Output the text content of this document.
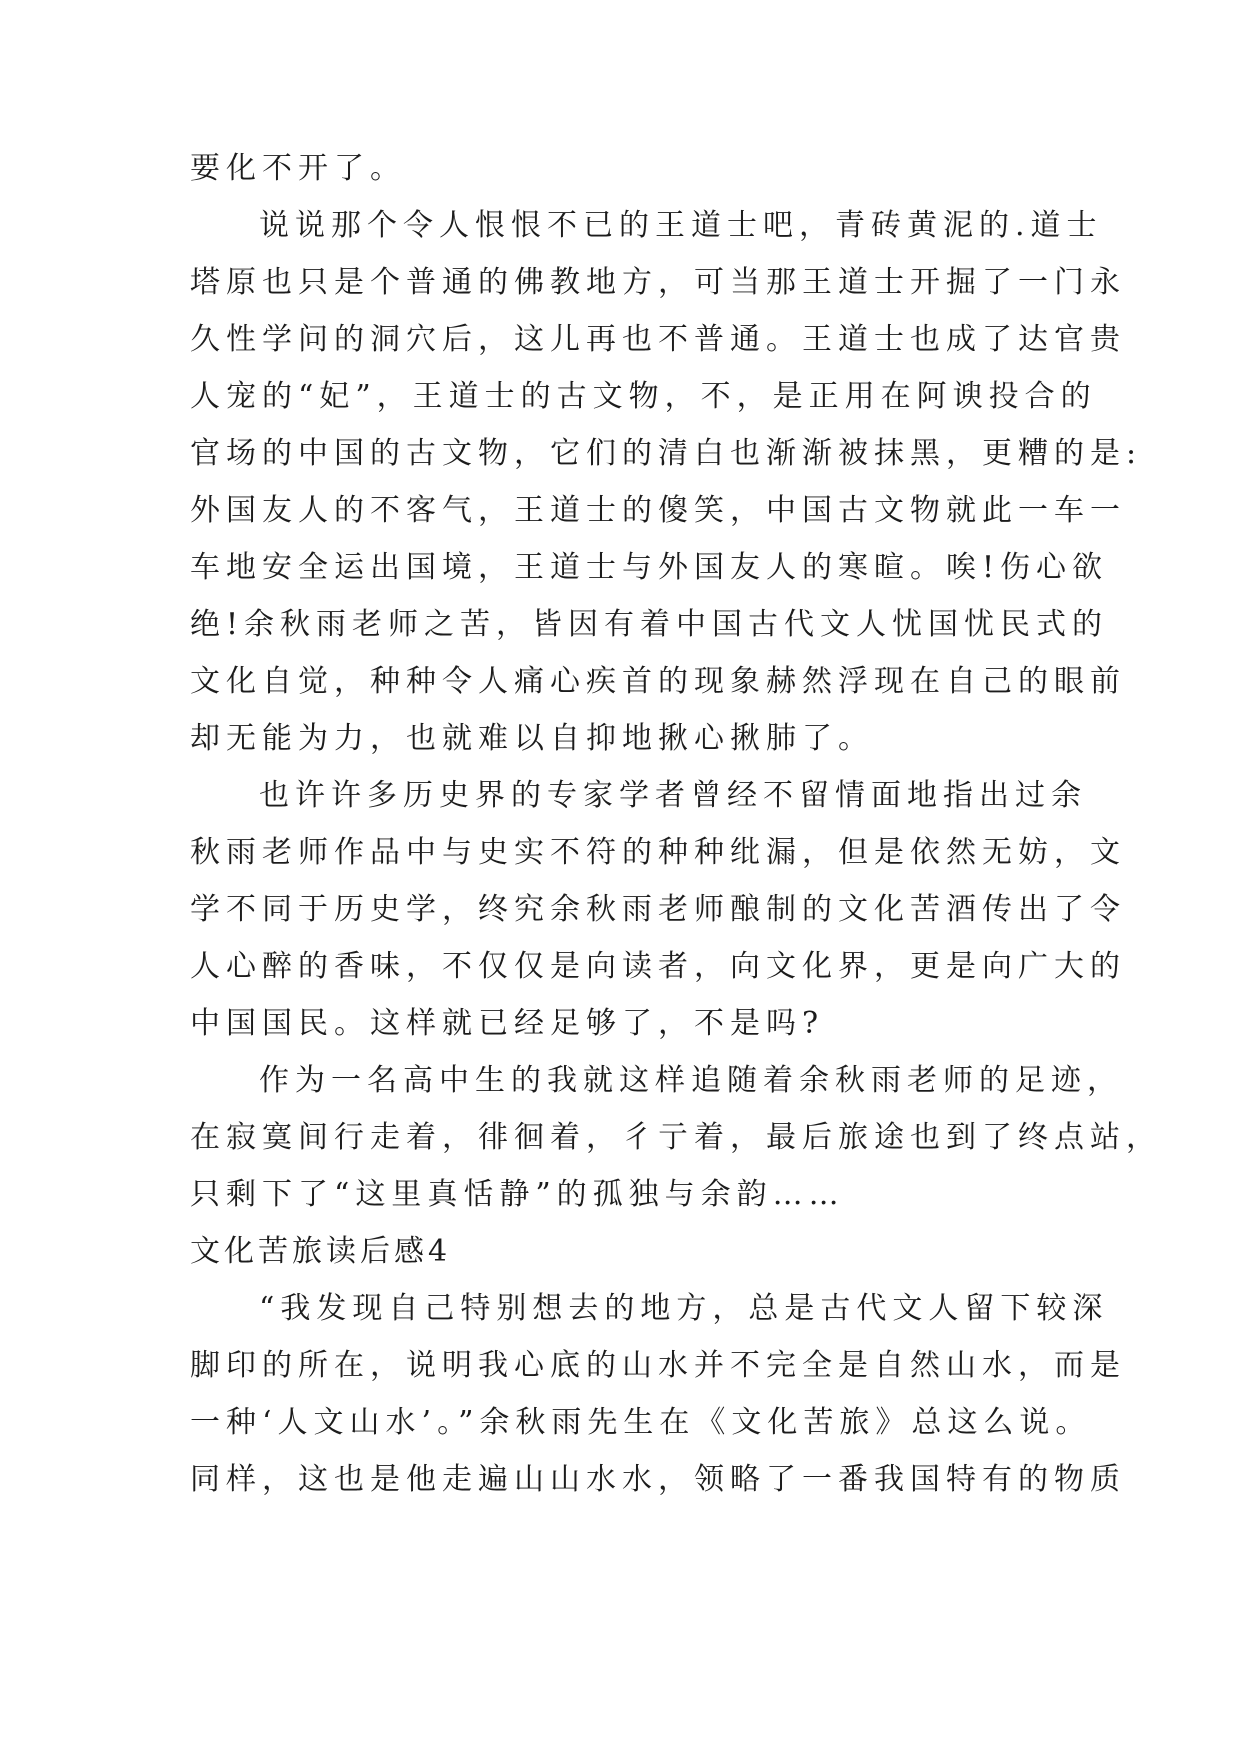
要化不开了。
说说那个令人恨恨不已的王道士吧，青砖黄泥的.道士
塔原也只是个普通的佛教地方，可当那王道士开掘了一门永
久性学问的洞穴后，这儿再也不普通。王道士也成了达官贵
人宠的“妃”，王道士的古文物，不，是正用在阿谀投合的
官场的中国的古文物，它们的清白也渐渐被抹黑，更糟的是:
外国友人的不客气，王道士的傻笑，中国古文物就此一车一
车地安全运出国境，王道士与外国友人的寒暄。唉!伤心欲
绝!余秋雨老师之苦，皆因有着中国古代文人忧国忧民式的
文化自觉，种种令人痛心疾首的现象赫然浮现在自己的眼前
却无能为力，也就难以自抑地揪心揪肺了。
也许许多历史界的专家学者曾经不留情面地指出过余
秋雨老师作品中与史实不符的种种纰漏，但是依然无妨，文
学不同于历史学，终究余秋雨老师酿制的文化苦酒传出了令
人心醉的香味，不仅仅是向读者，向文化界，更是向广大的
中国国民。这样就已经足够了，不是吗?
作为一名高中生的我就这样追随着余秋雨老师的足迹，
在寂寞间行走着，徘徊着，彳亍着，最后旅途也到了终点站，
只剩下了“这里真恬静”的孤独与余韵……
文化苦旅读后感4
“我发现自己特别想去的地方，总是古代文人留下较深
脚印的所在，说明我心底的山水并不完全是自然山水，而是
一种‘人文山水’。”余秋雨先生在《文化苦旅》总这么说。
同样，这也是他走遍山山水水，领略了一番我国特有的物质
